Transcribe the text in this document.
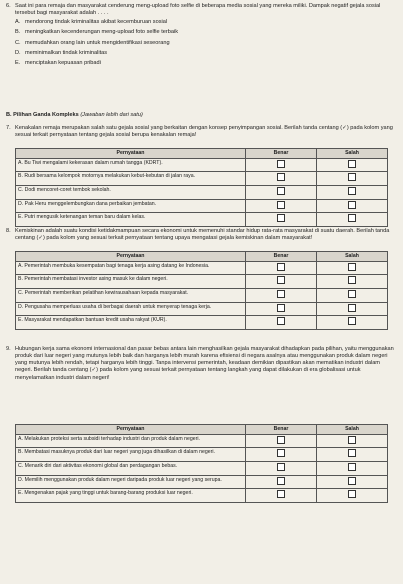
6. Saat ini para remaja dan masyarakat cenderung meng-upload foto selfie di beberapa media sosial yang mereka miliki. Dampak negatif gejala sosial tersebut bagi masyarakat adalah . . . .

A. mendorong tindak kriminalitas akibat kecemburuan sosial

B. meningkatkan kecenderungan meng-upload foto selfie terbaik

C. memudahkan orang lain untuk mengidentifikasi seseorang

D. meminimalkan tindak kriminalitas

E. menciptakan kepuasan pribadi

B. Pilihan Ganda Kompleks (Jawaban lebih dari satu)

7. Kenakalan remaja merupakan salah satu gejala sosial yang berkaitan dengan konsep penyimpangan sosial. Berilah tanda centang (✓) pada kolom yang sesuai terkait pernyataan tentang gejala sosial berupa kenakalan remaja!

Pernyataan	Benar	Salah
A. Bu Tiwi mengalami kekerasan dalam rumah tangga (KDRT).		
B. Rudi bersama kelompok motornya melakukan kebut-kebutan di jalan raya.		
C. Dodi mencoret-coret tembok sekolah.		
D. Pak Heru menggelembungkan dana perbaikan jembatan.		
E. Putri mengusik ketenangan teman baru dalam kelas.		

8. Kemiskinan adalah suatu kondisi ketidakmampuan secara ekonomi untuk memenuhi standar hidup rata-rata masyarakat di suatu daerah. Berilah tanda centang (✓) pada kolom yang sesuai terkait pernyataan tentang upaya mengatasi gejala kemiskinan dalam masyarakat!

Pernyataan	Benar	Salah
A. Pemerintah membuka kesempatan bagi tenaga kerja asing datang ke Indonesia.		
B. Pemerintah membatasi investor asing masuk ke dalam negeri.		
C. Pemerintah memberikan pelatihan kewirausahaan kepada masyarakat.		
D. Pengusaha memperluas usaha di berbagai daerah untuk menyerap tenaga kerja.		
E. Masyarakat mendapatkan bantuan kredit usaha rakyat (KUR).		

9. Hubungan kerja sama ekonomi internasional dan pasar bebas antara lain menghasilkan gejala masyarakat dihadapkan pada pilihan, yaitu menggunakan produk dari luar negeri yang mutunya lebih baik dan harganya lebih murah karena efisiensi di negara asalnya atau menggunakan produk dalam negeri yang mutunya lebih rendah, tetapi harganya lebih tinggi. Tanpa intervensi pemerintah, keadaan demikian dipastikan akan mematikan industri dalam negeri. Berilah tanda centang (✓) pada kolom yang sesuai terkait pernyataan tentang langkah yang dapat dilakukan di era globalisasi untuk menyelamatkan industri dalam negeri!

Pernyataan	Benar	Salah
A. Melakukan proteksi serta subsidi terhadap industri dan produk dalam negeri.		
B. Membatasi masuknya produk dari luar negeri yang juga dihasilkan di dalam negeri.		
C. Menarik diri dari aktivitas ekonomi global dan perdagangan bebas.		
D. Memilih menggunakan produk dalam negeri daripada produk luar negeri yang serupa.		
E. Mengenakan pajak yang tinggi untuk barang-barang produksi luar negeri.		
